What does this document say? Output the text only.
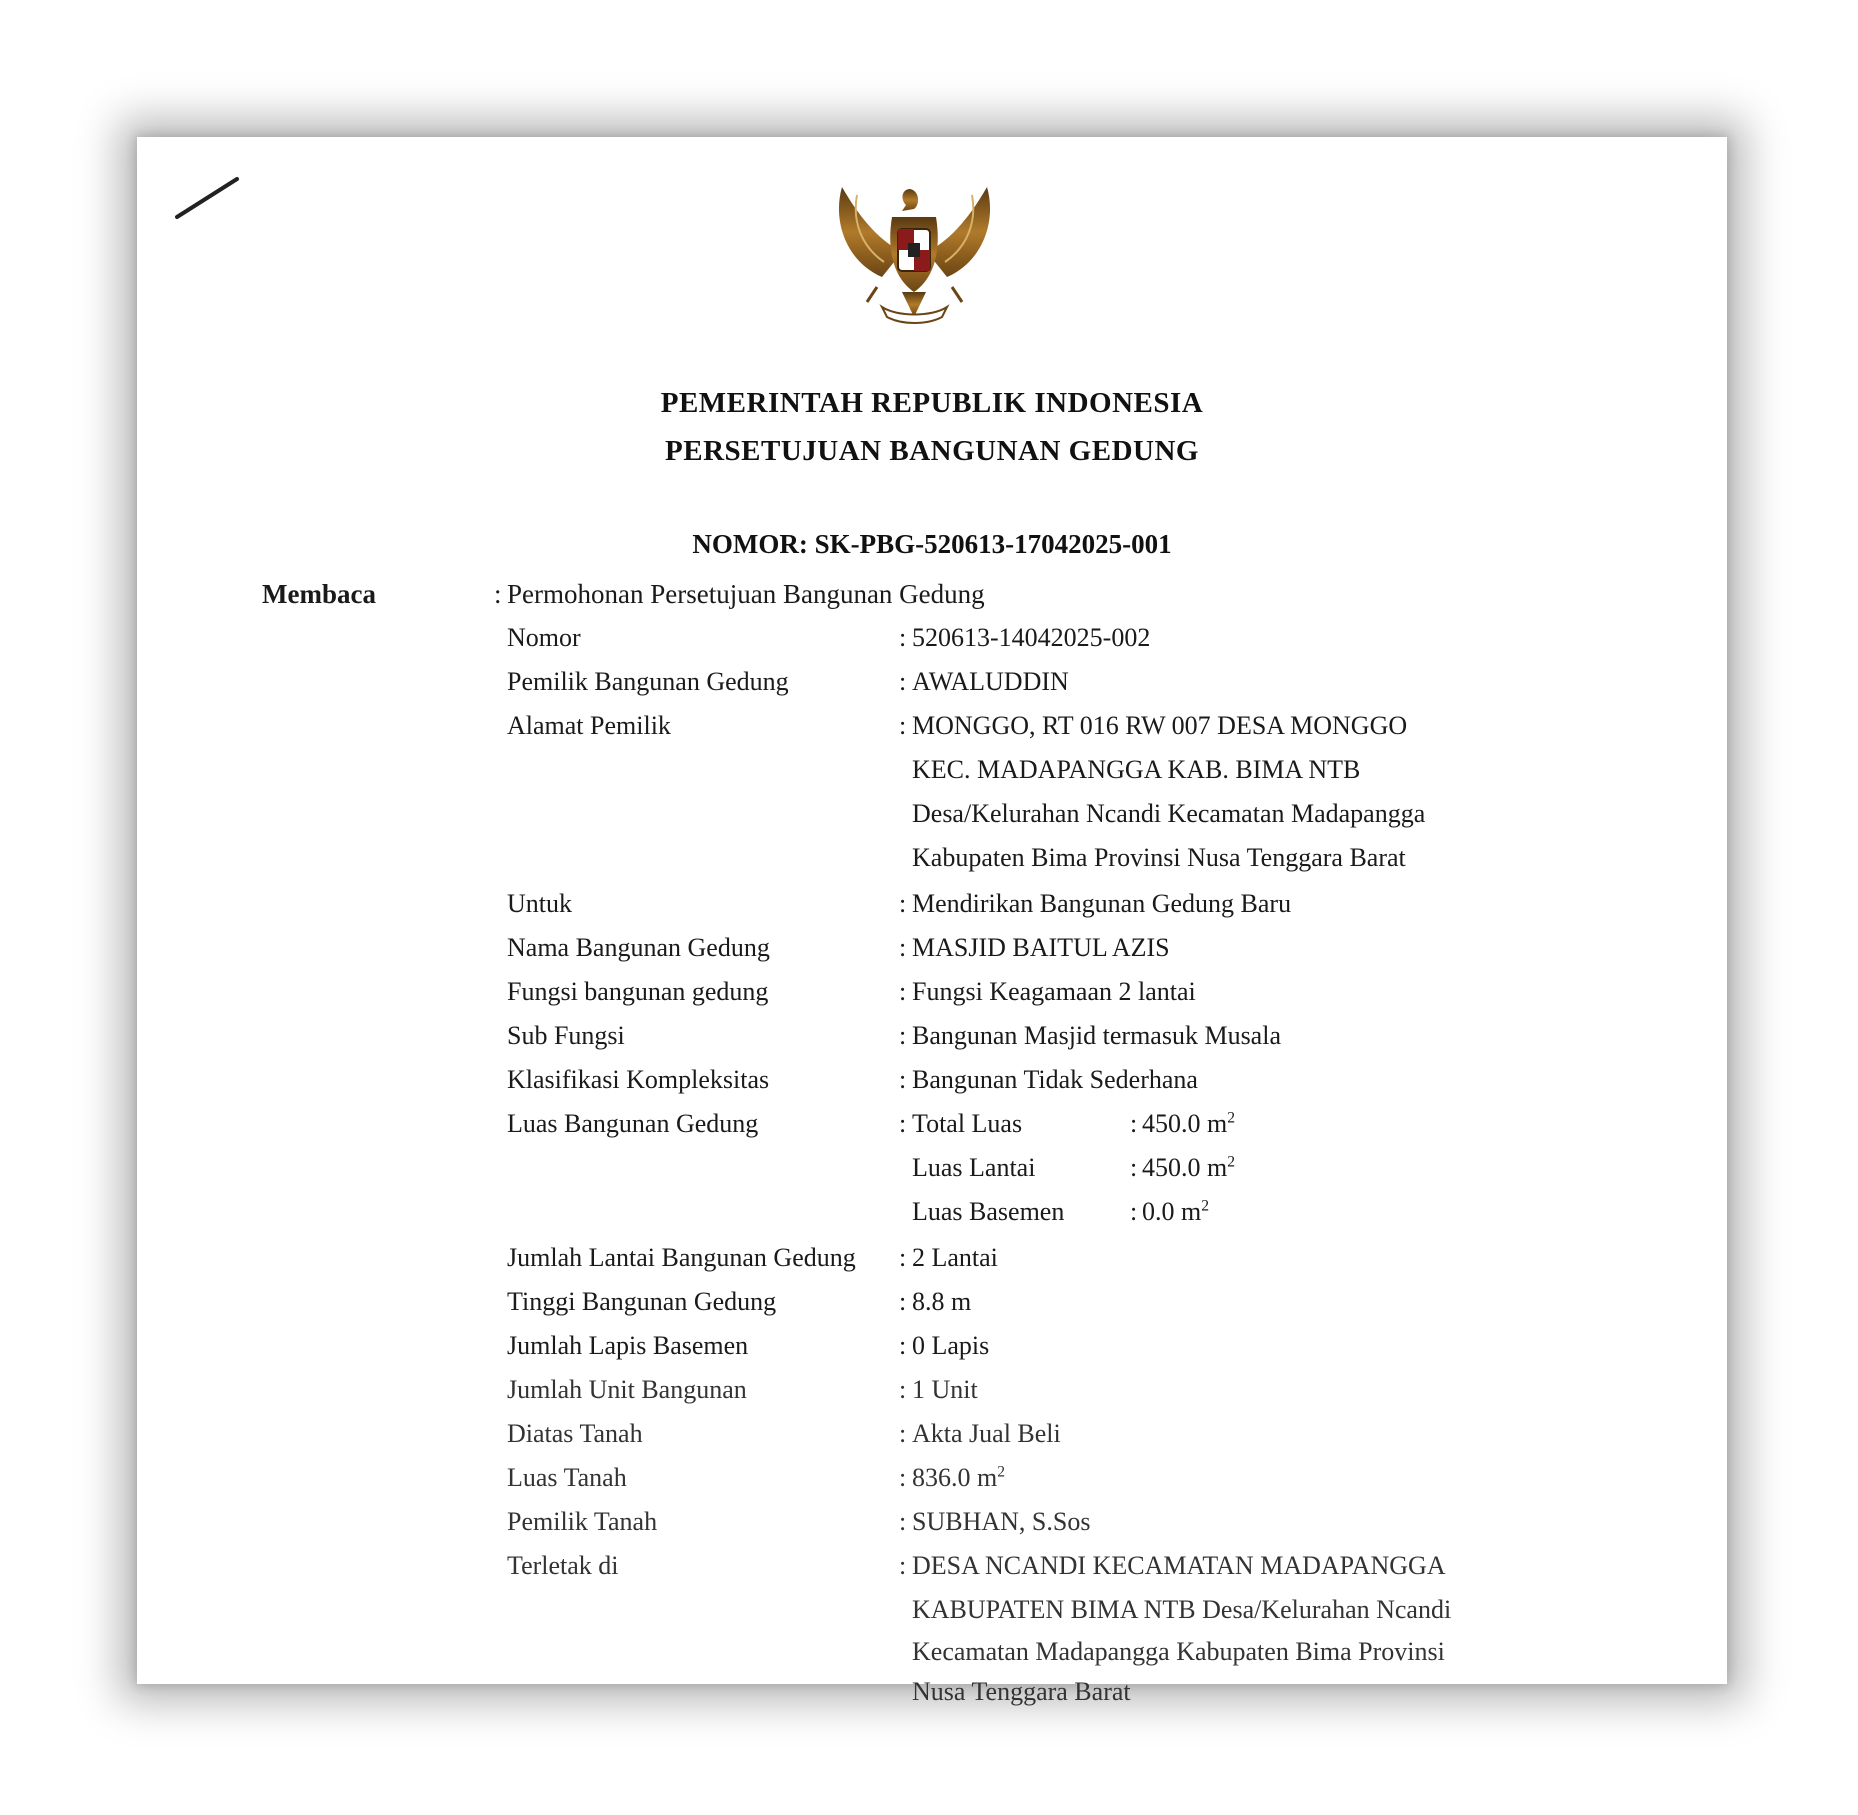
PEMERINTAH REPUBLIK INDONESIA
PERSETUJUAN BANGUNAN GEDUNG
NOMOR: SK-PBG-520613-17042025-001
Membaca	: Permohonan Persetujuan Bangunan Gedung
Nomor	: 520613-14042025-002
Pemilik Bangunan Gedung	: AWALUDDIN
Alamat Pemilik	: MONGGO, RT 016 RW 007 DESA MONGGO
KEC. MADAPANGGA KAB. BIMA NTB
Desa/Kelurahan Ncandi Kecamatan Madapangga
Kabupaten Bima Provinsi Nusa Tenggara Barat
Untuk	: Mendirikan Bangunan Gedung Baru
Nama Bangunan Gedung	: MASJID BAITUL AZIS
Fungsi bangunan gedung	: Fungsi Keagamaan 2 lantai
Sub Fungsi	: Bangunan Masjid termasuk Musala
Klasifikasi Kompleksitas	: Bangunan Tidak Sederhana
Luas Bangunan Gedung	: Total Luas	: 450.0 $m^2$
Luas Lantai	: 450.0 $m^2$
Luas Basemen	: 0.0 $m^2$
Jumlah Lantai Bangunan Gedung : 2 Lantai
Tinggi Bangunan Gedung	: 8.8 m
Jumlah Lapis Basemen	: 0 Lapis
Jumlah Unit Bangunan	: 1 Unit
Diatas Tanah	: Akta Jual Beli
Luas Tanah	: 836.0 $m^2$
Pemilik Tanah	: SUBHAN, S.Sos
Terletak di	: DESA NCANDI KECAMATAN MADAPANGGA
KABUPATEN BIMA NTB Desa/Kelurahan Ncandi
Kecamatan Madapangga Kabupaten Bima Provinsi
Nusa Tenggara Barat
